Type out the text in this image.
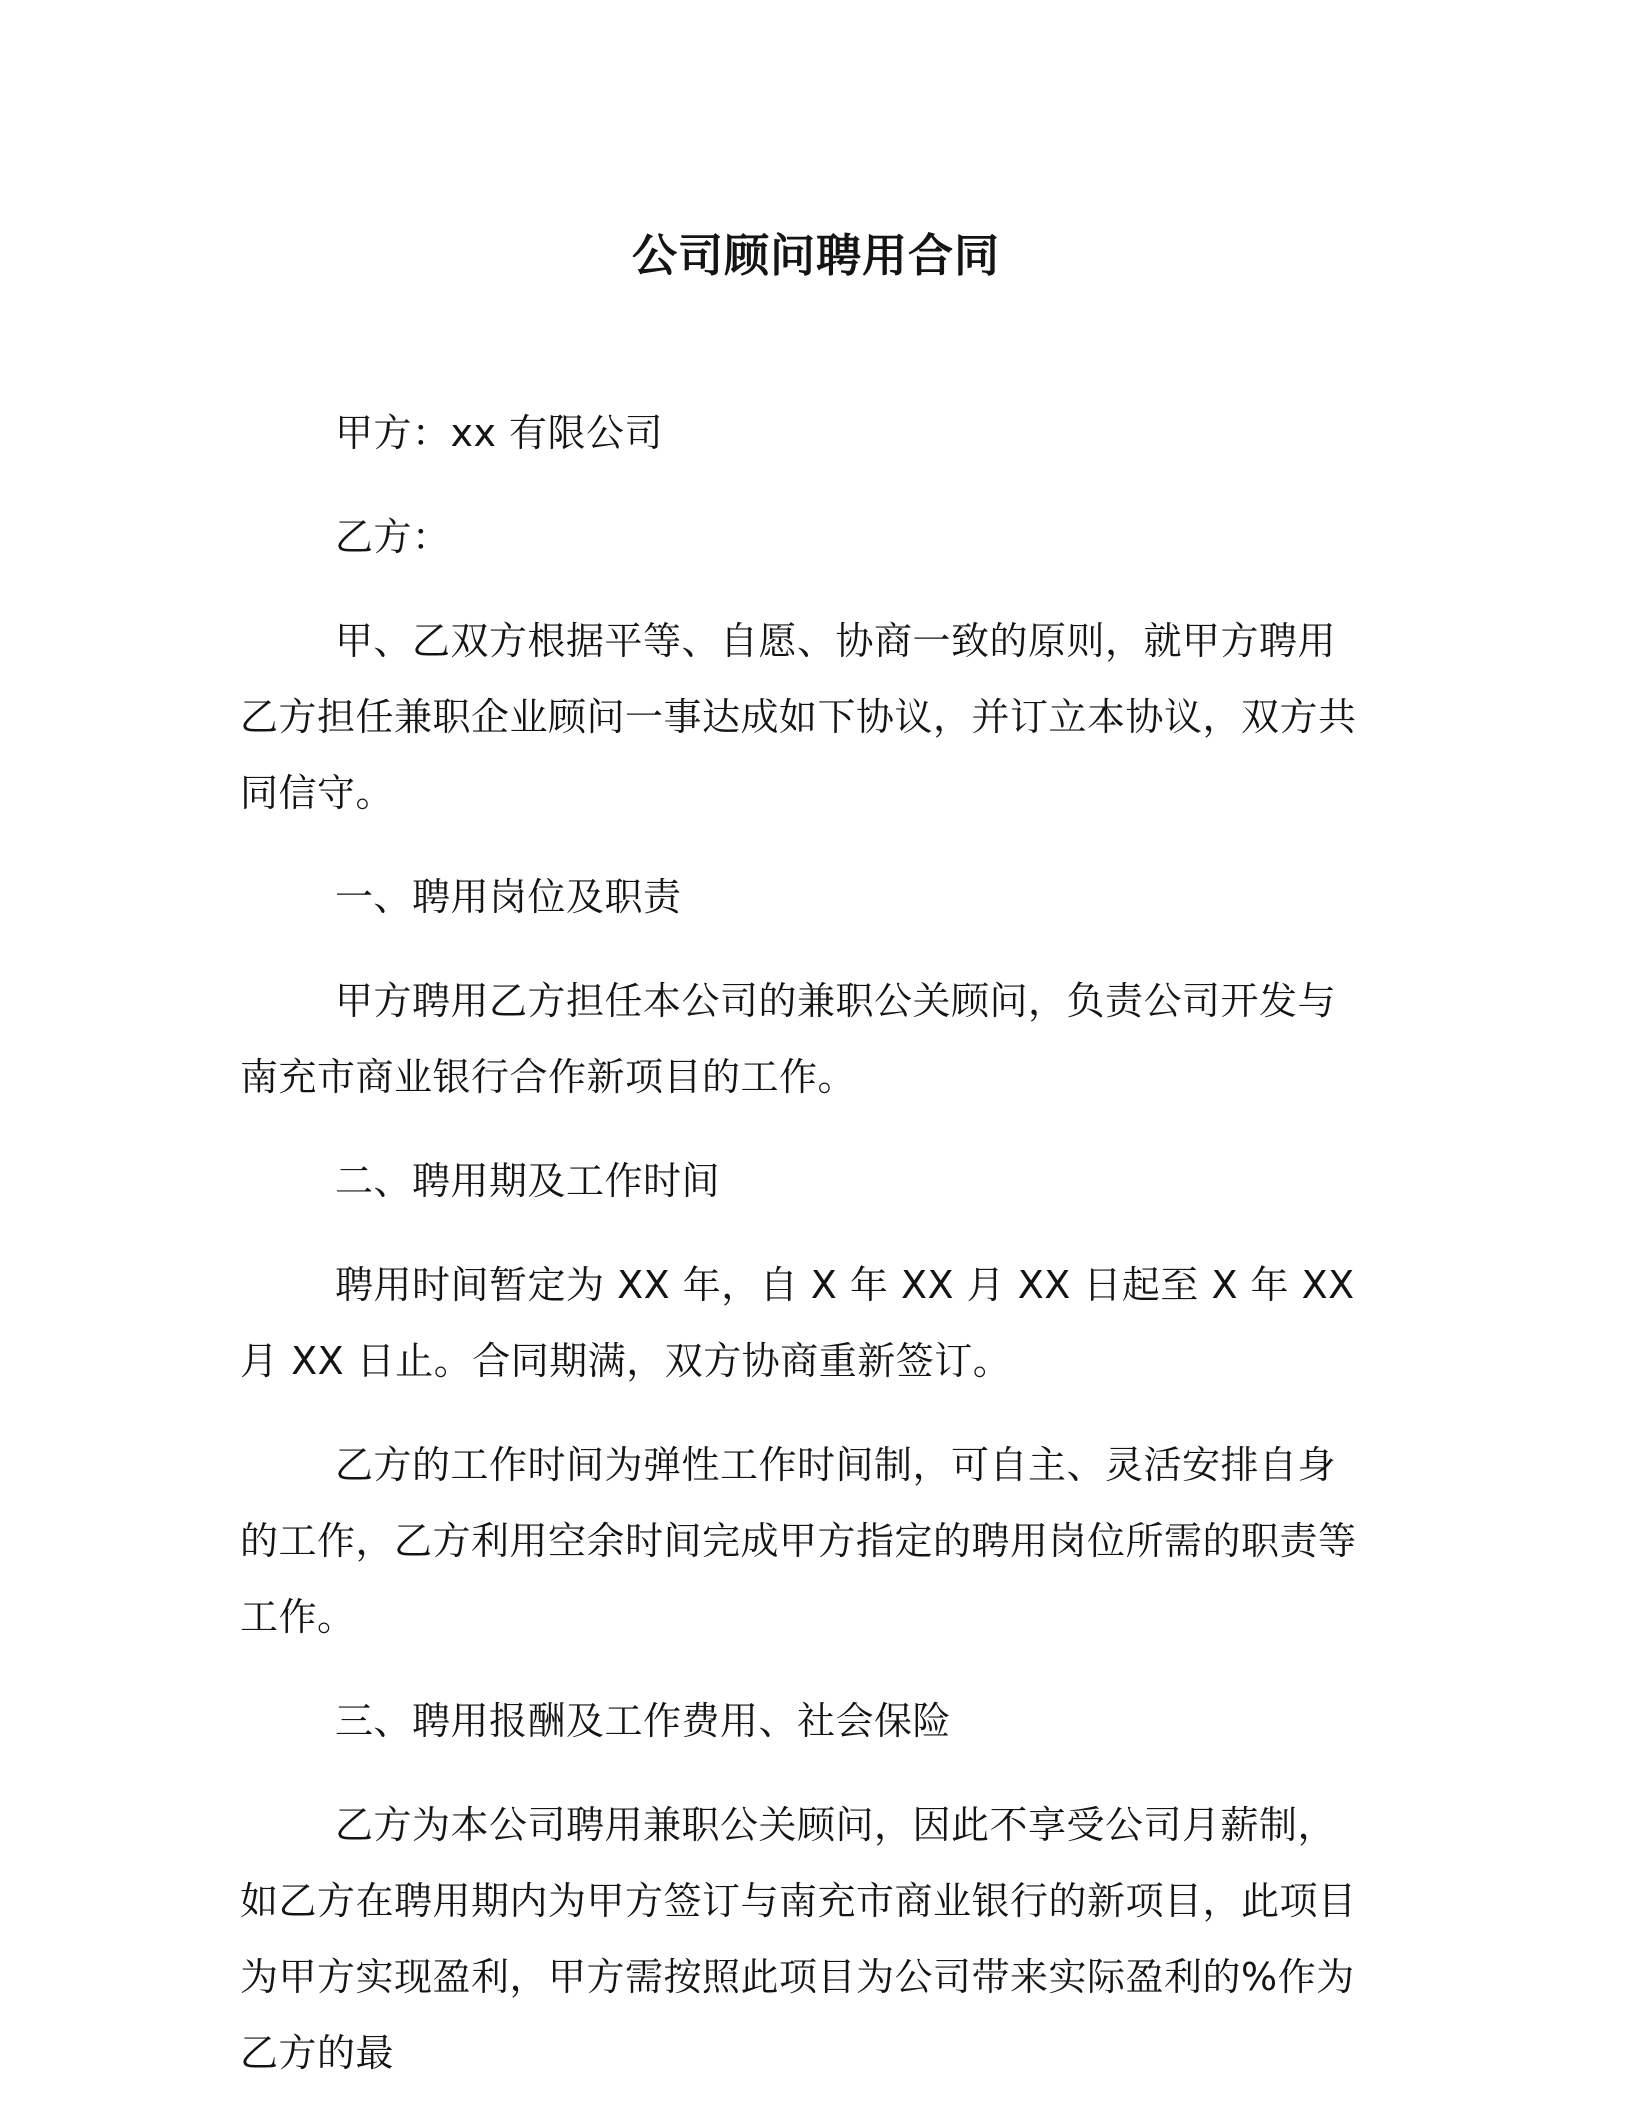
公司顾问聘用合同

甲方：xx 有限公司

乙方：

甲、乙双方根据平等、自愿、协商一致的原则，就甲方聘用乙方担任兼职企业顾问一事达成如下协议，并订立本协议，双方共同信守。

一、聘用岗位及职责

甲方聘用乙方担任本公司的兼职公关顾问，负责公司开发与南充市商业银行合作新项目的工作。

二、聘用期及工作时间

聘用时间暂定为 XX 年，自 X 年 XX 月 XX 日起至 X 年 XX 月 XX 日止。合同期满，双方协商重新签订。

乙方的工作时间为弹性工作时间制，可自主、灵活安排自身的工作，乙方利用空余时间完成甲方指定的聘用岗位所需的职责等工作。

三、聘用报酬及工作费用、社会保险

乙方为本公司聘用兼职公关顾问，因此不享受公司月薪制，如乙方在聘用期内为甲方签订与南充市商业银行的新项目，此项目为甲方实现盈利，甲方需按照此项目为公司带来实际盈利的%作为乙方的最
